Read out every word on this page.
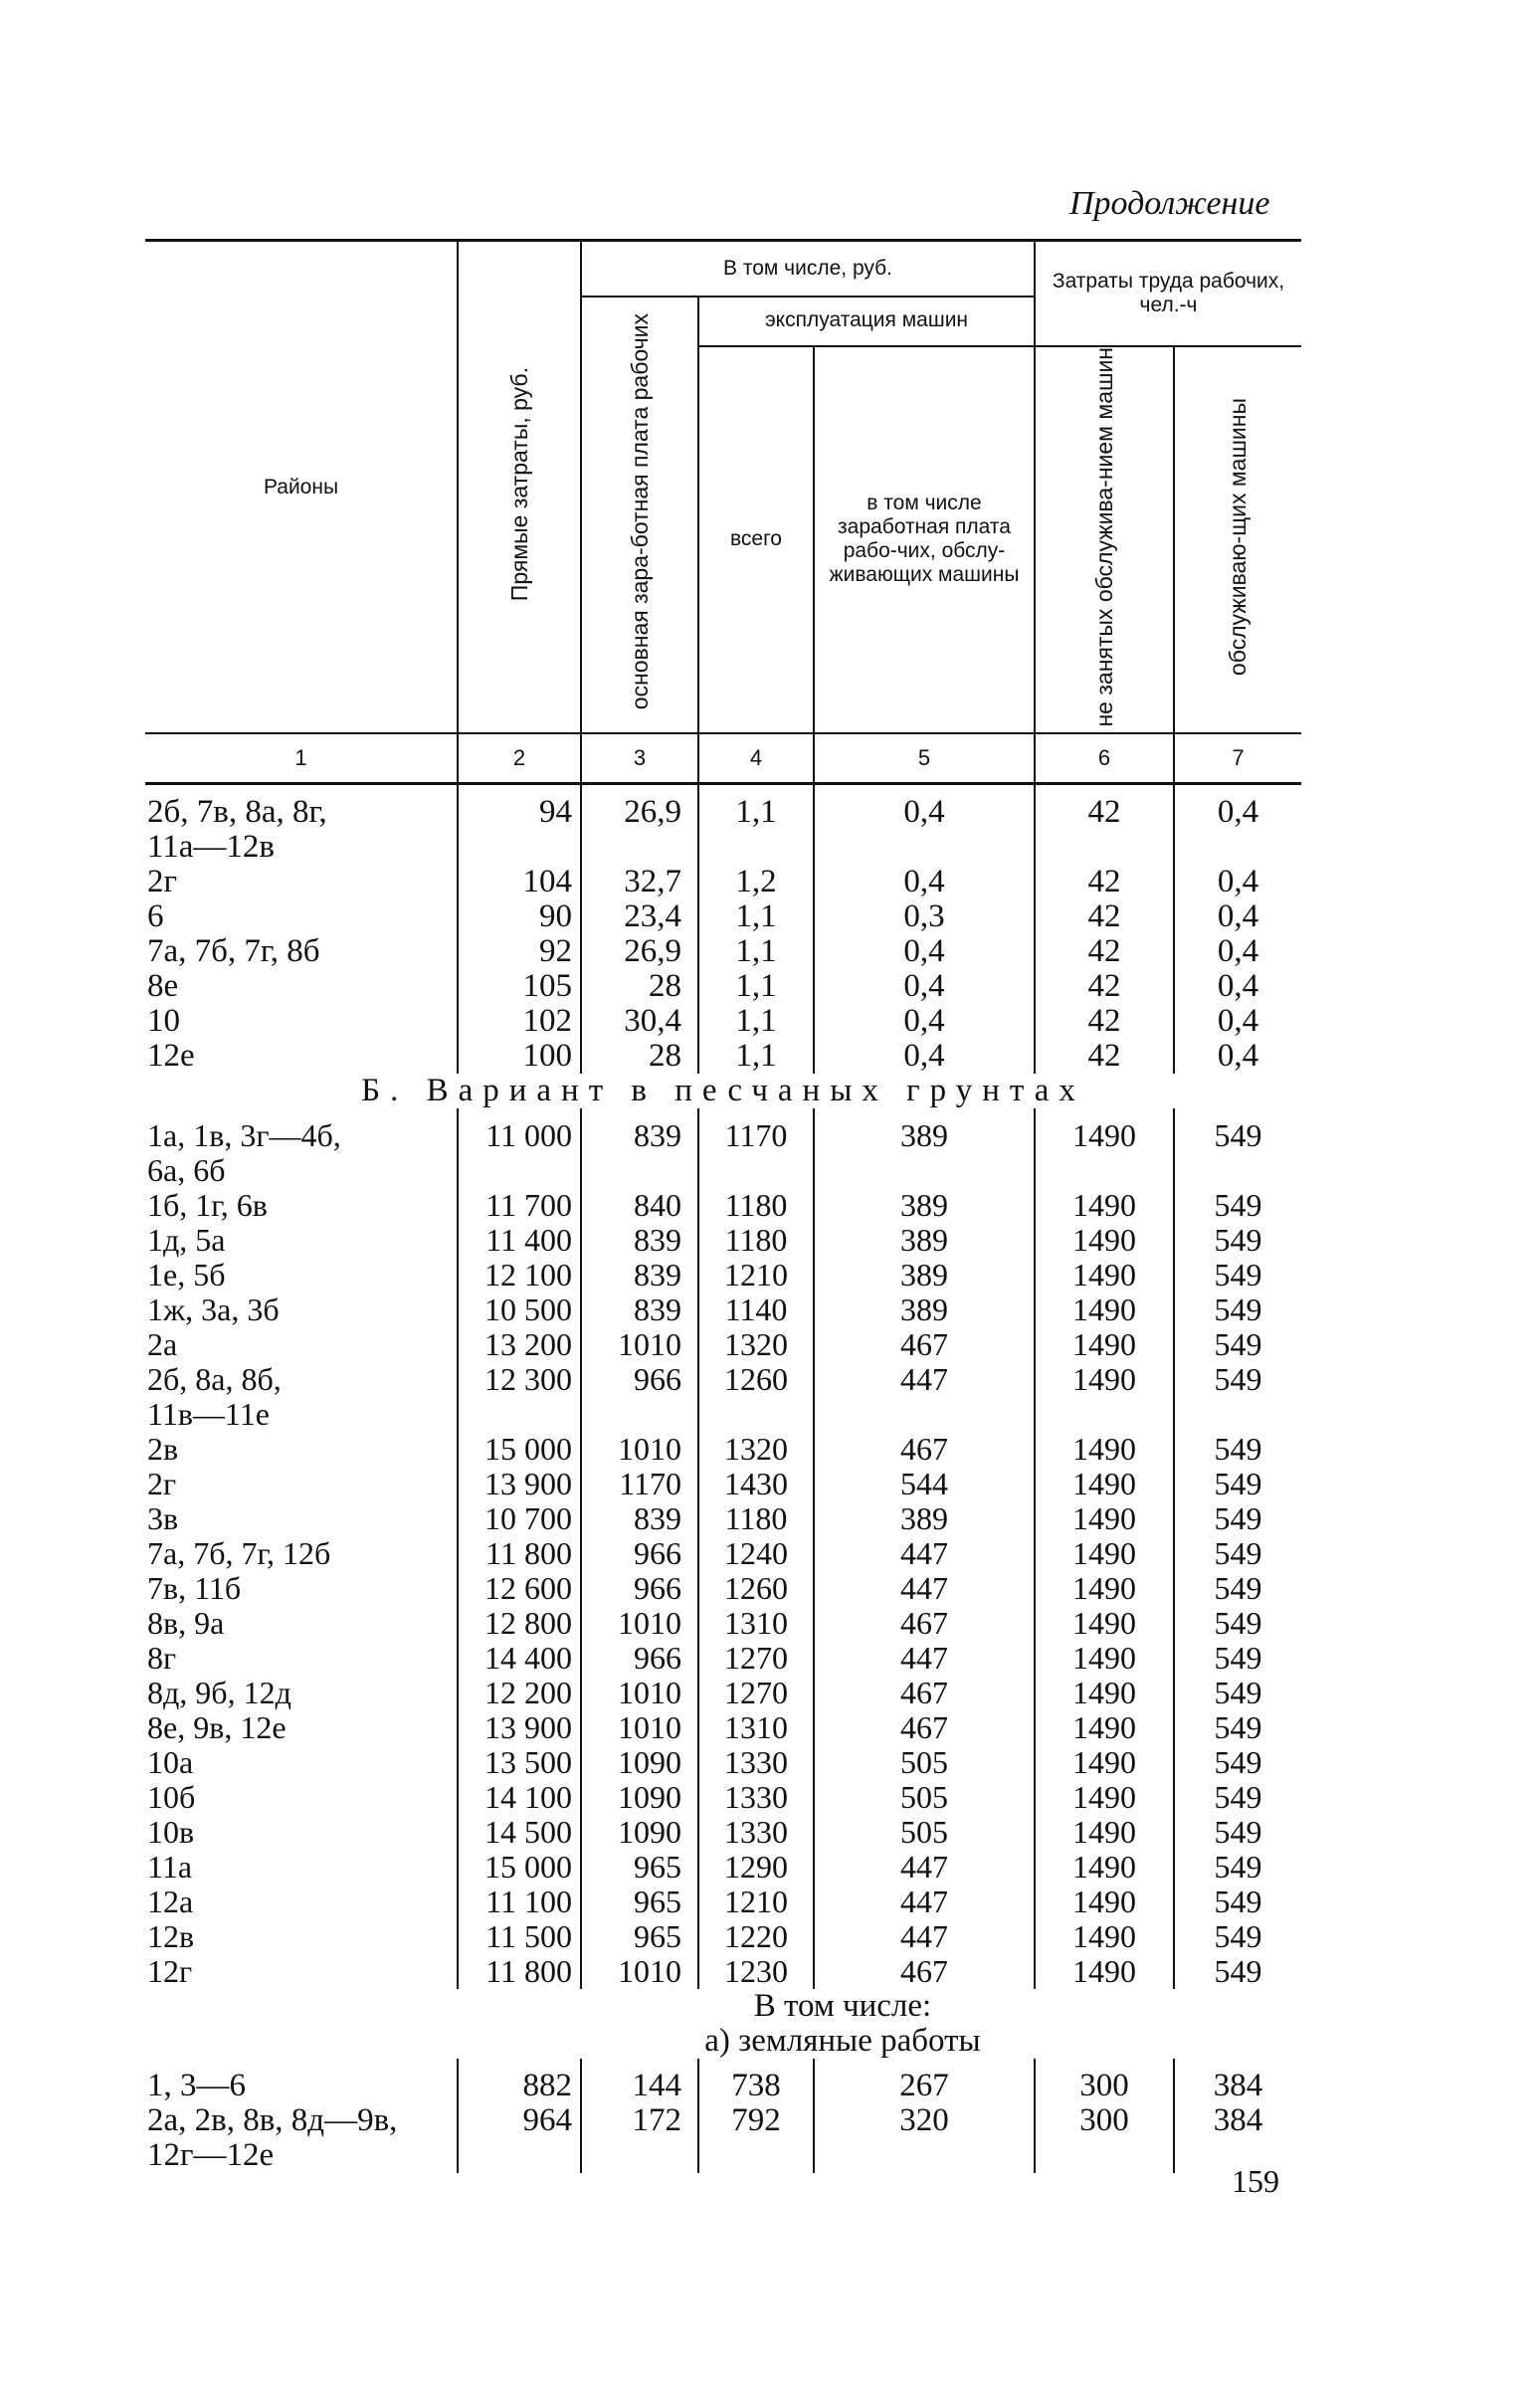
Продолжение
Районы	Прямые затраты, руб.	В том числе, руб.			Затраты труда рабочих, чел.-ч	
		основная зара-ботная плата рабочих	эксплуатация машин			
			всего	в том числе заработная плата рабо-чих, обслу-живающих машины	не занятых обслужива-нием машин	обслуживаю-щих машины
1	2	3	4	5	6	7
2б, 7в, 8а, 8г,	94	26,9	1,1	0,4	42	0,4
11а—12в						
2г	104	32,7	1,2	0,4	42	0,4
6	90	23,4	1,1	0,3	42	0,4
7а, 7б, 7г, 8б	92	26,9	1,1	0,4	42	0,4
8е	105	28	1,1	0,4	42	0,4
10	102	30,4	1,1	0,4	42	0,4
12е	100	28	1,1	0,4	42	0,4
Б. Вариант в песчаных грунтах						
1а, 1в, 3г—4б,	11 000	839	1170	389	1490	549
6а, 6б						
1б, 1г, 6в	11 700	840	1180	389	1490	549
1д, 5а	11 400	839	1180	389	1490	549
1е, 5б	12 100	839	1210	389	1490	549
1ж, 3а, 3б	10 500	839	1140	389	1490	549
2а	13 200	1010	1320	467	1490	549
2б, 8а, 8б,	12 300	966	1260	447	1490	549
11в—11е						
2в	15 000	1010	1320	467	1490	549
2г	13 900	1170	1430	544	1490	549
3в	10 700	839	1180	389	1490	549
7а, 7б, 7г, 12б	11 800	966	1240	447	1490	549
7в, 11б	12 600	966	1260	447	1490	549
8в, 9а	12 800	1010	1310	467	1490	549
8г	14 400	966	1270	447	1490	549
8д, 9б, 12д	12 200	1010	1270	467	1490	549
8е, 9в, 12е	13 900	1010	1310	467	1490	549
10а	13 500	1090	1330	505	1490	549
10б	14 100	1090	1330	505	1490	549
10в	14 500	1090	1330	505	1490	549
11а	15 000	965	1290	447	1490	549
12а	11 100	965	1210	447	1490	549
12в	11 500	965	1220	447	1490	549
12г	11 800	1010	1230	467	1490	549
В том числе:						
а) земляные работы						
1, 3—6	882	144	738	267	300	384
2а, 2в, 8в, 8д—9в,	964	172	792	320	300	384
12г—12е						
159
